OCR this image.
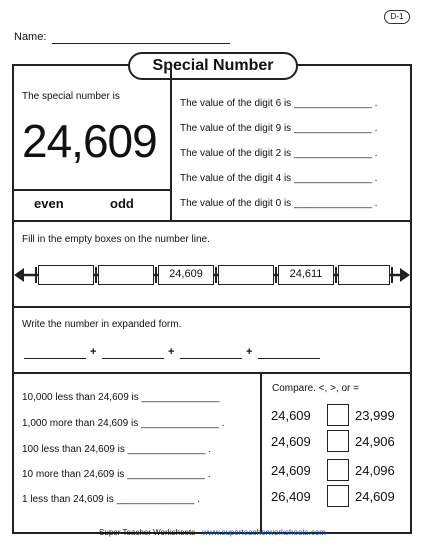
D-1
Name:
Special Number
The special number is
24,609
even	odd
The value of the digit 6 is ______________ .
The value of the digit 9 is ______________ .
The value of the digit 2 is ______________ .
The value of the digit 4 is ______________ .
The value of the digit 0 is ______________ .
Fill in the empty boxes on the number line.
24,609	24,611
Write the number in expanded form.
+	+	+
10,000 less than 24,609 is ______________
1,000 more than 24,609 is ______________ .
100 less than 24,609 is ______________ .
10 more than 24,609 is ______________ .
1 less than 24,609 is ______________ .
Compare. <, >, or =
24,609	23,999
24,609	24,906
24,609	24,096
26,409	24,609
Super Teacher Worksheets - www.superteacherworksheets.com
